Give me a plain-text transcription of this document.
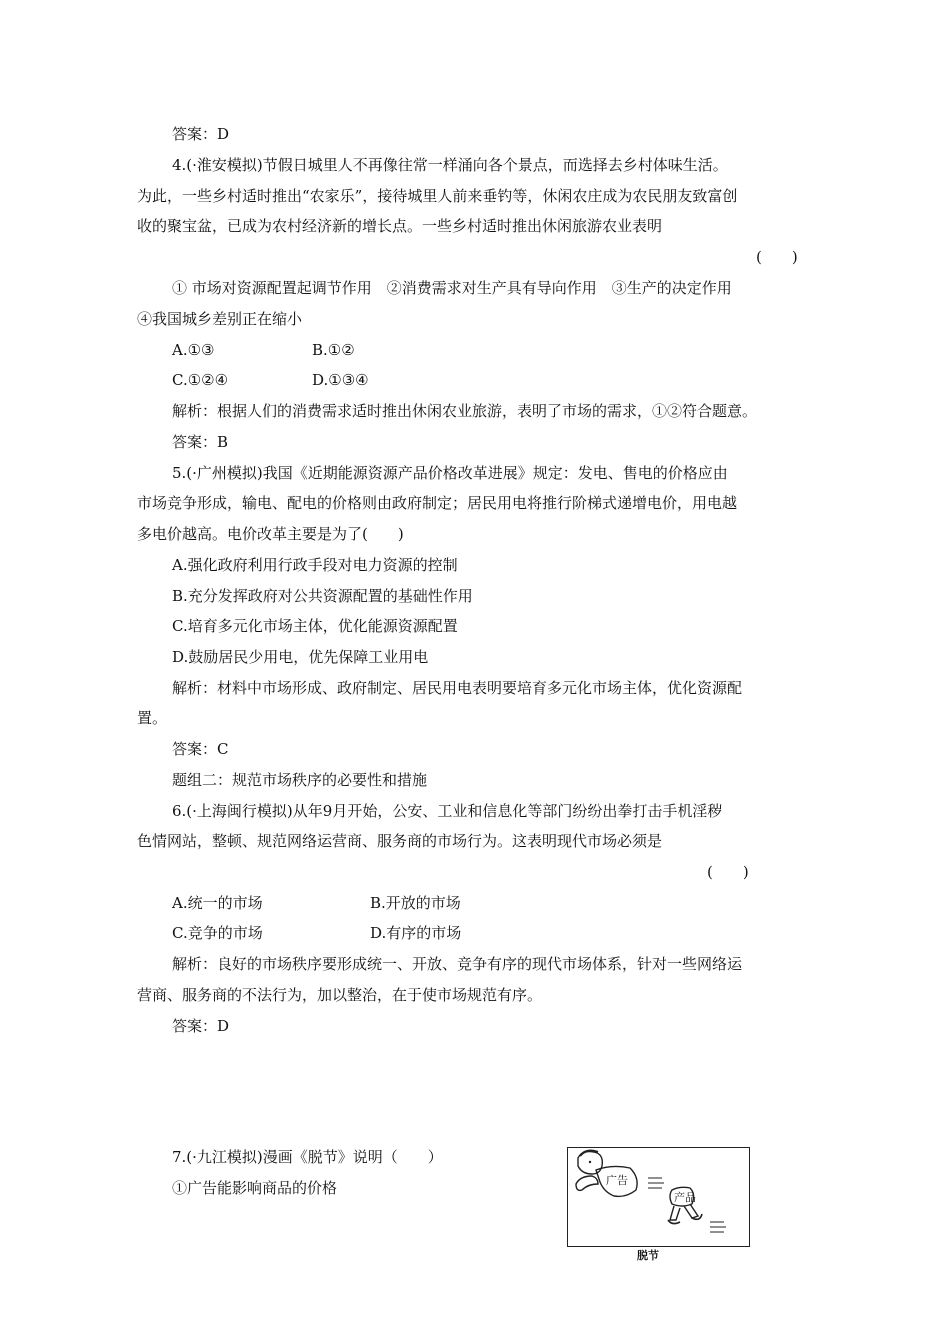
答案：D
4.(·淮安模拟)节假日城里人不再像往常一样涌向各个景点，而选择去乡村体味生活。
为此，一些乡村适时推出“农家乐”，接待城里人前来垂钓等，休闲农庄成为农民朋友致富创
收的聚宝盆，已成为农村经济新的增长点。一些乡村适时推出休闲旅游农业表明
(　　)
① 市场对资源配置起调节作用　②消费需求对生产具有导向作用　③生产的决定作用
④我国城乡差别正在缩小
A.①③	B.①②
C.①②④	D.①③④
解析：根据人们的消费需求适时推出休闲农业旅游，表明了市场的需求，①②符合题意。
答案：B
5.(·广州模拟)我国《近期能源资源产品价格改革进展》规定：发电、售电的价格应由
市场竞争形成，输电、配电的价格则由政府制定；居民用电将推行阶梯式递增电价，用电越
多电价越高。电价改革主要是为了(　　)
A.强化政府利用行政手段对电力资源的控制
B.充分发挥政府对公共资源配置的基础性作用
C.培育多元化市场主体，优化能源资源配置
D.鼓励居民少用电，优先保障工业用电
解析：材料中市场形成、政府制定、居民用电表明要培育多元化市场主体，优化资源配
置。
答案：C
题组二：规范市场秩序的必要性和措施
6.(·上海闽行模拟)从年9月开始，公安、工业和信息化等部门纷纷出拳打击手机淫秽
色情网站，整顿、规范网络运营商、服务商的市场行为。这表明现代市场必须是
(　　)
A.统一的市场	B.开放的市场
C.竞争的市场	D.有序的市场
解析：良好的市场秩序要形成统一、开放、竞争有序的现代市场体系，针对一些网络运
营商、服务商的不法行为，加以整治，在于使市场规范有序。
答案：D
7.(·九江模拟)漫画《脱节》说明（　　）
①广告能影响商品的价格	广告
产品
脱节
